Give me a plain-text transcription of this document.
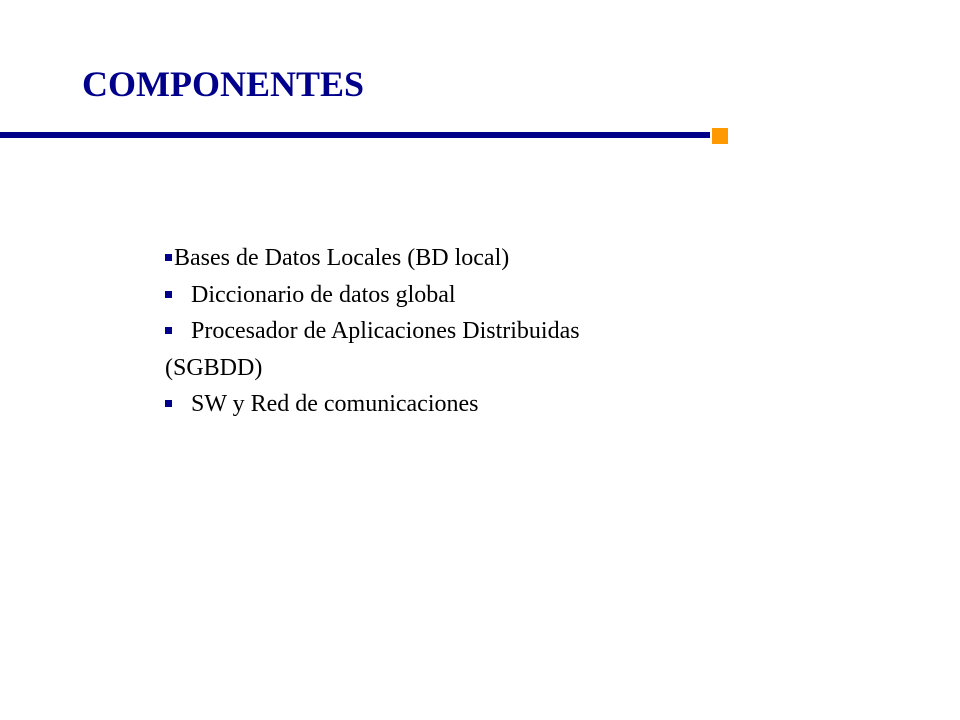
COMPONENTES
Bases de Datos Locales (BD local)
Diccionario de datos global
Procesador de Aplicaciones Distribuidas
(SGBDD)
SW y Red de comunicaciones
